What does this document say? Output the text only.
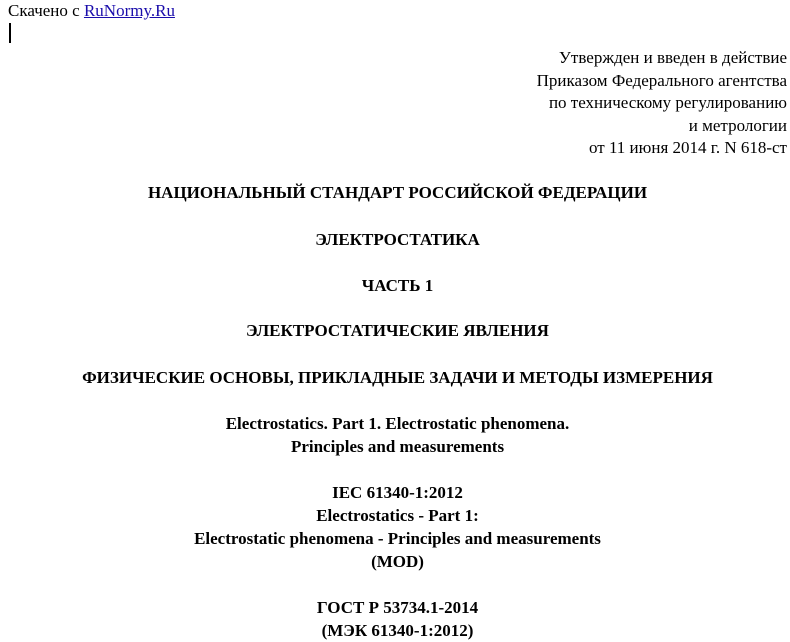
Скачено с RuNormy.Ru
Утвержден и введен в действие
Приказом Федерального агентства
по техническому регулированию
и метрологии
от 11 июня 2014 г. N 618-ст
НАЦИОНАЛЬНЫЙ СТАНДАРТ РОССИЙСКОЙ ФЕДЕРАЦИИ
ЭЛЕКТРОСТАТИКА
ЧАСТЬ 1
ЭЛЕКТРОСТАТИЧЕСКИЕ ЯВЛЕНИЯ
ФИЗИЧЕСКИЕ ОСНОВЫ, ПРИКЛАДНЫЕ ЗАДАЧИ И МЕТОДЫ ИЗМЕРЕНИЯ
Electrostatics. Part 1. Electrostatic phenomena.
Principles and measurements
IEC 61340-1:2012
Electrostatics - Part 1:
Electrostatic phenomena - Principles and measurements
(MOD)
ГОСТ Р 53734.1-2014
(МЭК 61340-1:2012)
